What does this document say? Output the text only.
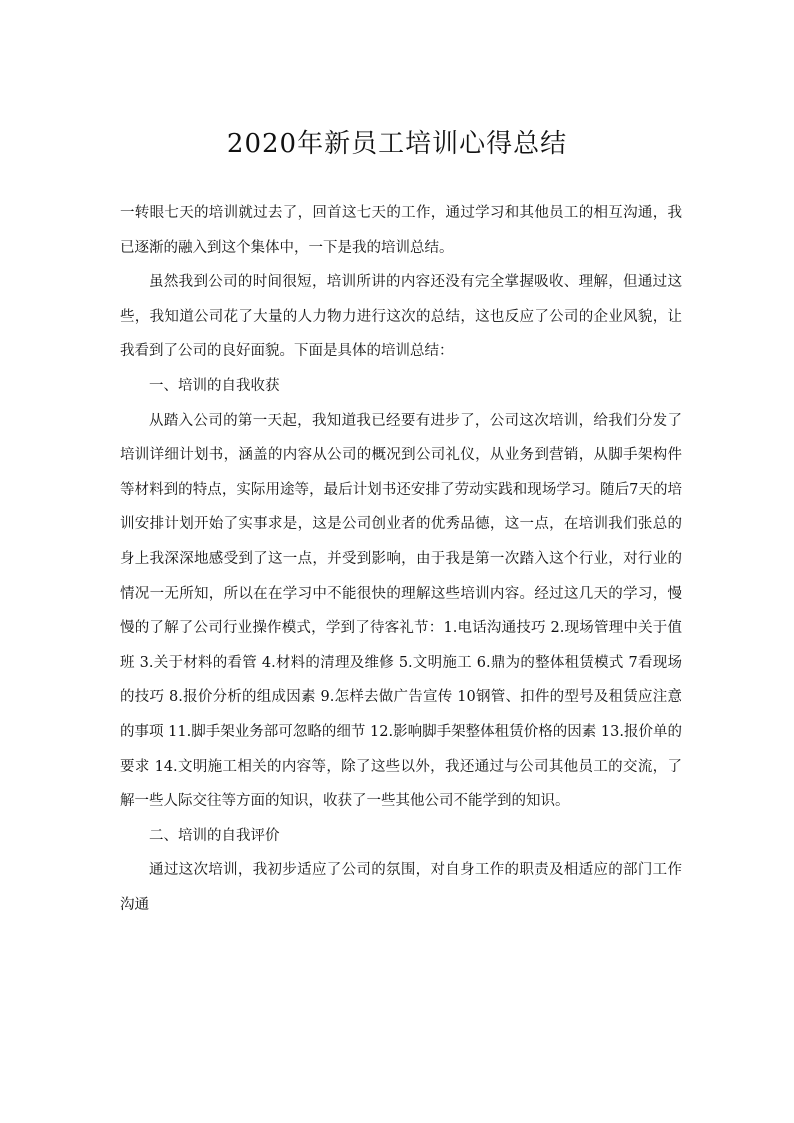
2020年新员工培训心得总结

一转眼七天的培训就过去了，回首这七天的工作，通过学习和其他员工的相互沟通，我已逐渐的融入到这个集体中，一下是我的培训总结。

虽然我到公司的时间很短，培训所讲的内容还没有完全掌握吸收、理解，但通过这些，我知道公司花了大量的人力物力进行这次的总结，这也反应了公司的企业风貌，让我看到了公司的良好面貌。下面是具体的培训总结：

一、培训的自我收获

从踏入公司的第一天起，我知道我已经要有进步了，公司这次培训，给我们分发了培训详细计划书，涵盖的内容从公司的概况到公司礼仪，从业务到营销，从脚手架构件等材料到的特点，实际用途等，最后计划书还安排了劳动实践和现场学习。随后7天的培训安排计划开始了实事求是，这是公司创业者的优秀品德，这一点，在培训我们张总的身上我深深地感受到了这一点，并受到影响，由于我是第一次踏入这个行业，对行业的情况一无所知，所以在在学习中不能很快的理解这些培训内容。经过这几天的学习，慢慢的了解了公司行业操作模式，学到了待客礼节：1.电话沟通技巧 2.现场管理中关于值班 3.关于材料的看管 4.材料的清理及维修 5.文明施工 6.鼎为的整体租赁模式 7看现场的技巧 8.报价分析的组成因素 9.怎样去做广告宣传 10钢管、扣件的型号及租赁应注意的事项 11.脚手架业务部可忽略的细节 12.影响脚手架整体租赁价格的因素 13.报价单的要求 14.文明施工相关的内容等，除了这些以外，我还通过与公司其他员工的交流，了解一些人际交往等方面的知识，收获了一些其他公司不能学到的知识。

二、培训的自我评价

通过这次培训，我初步适应了公司的氛围，对自身工作的职责及相适应的部门工作沟通
